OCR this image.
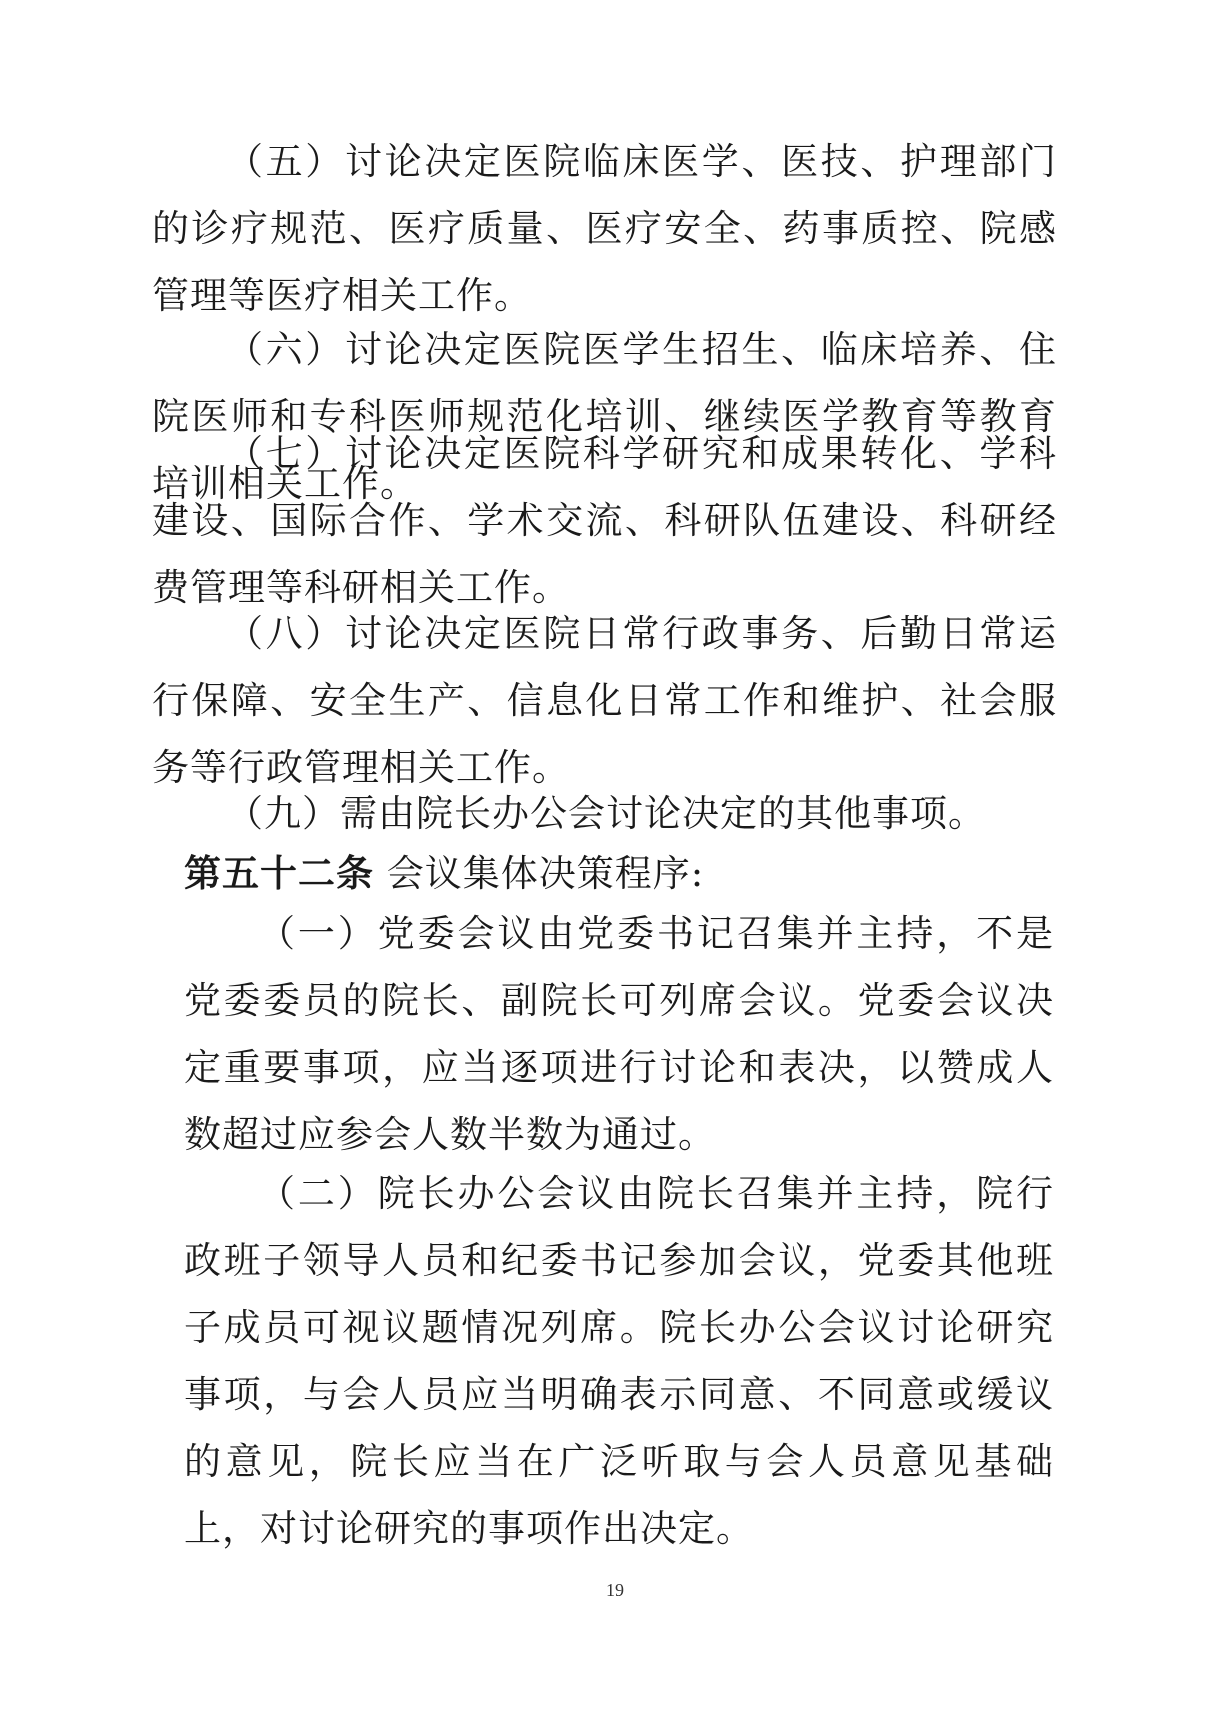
（五）讨论决定医院临床医学、医技、护理部门的诊疗规范、医疗质量、医疗安全、药事质控、院感管理等医疗相关工作。

（六）讨论决定医院医学生招生、临床培养、住院医师和专科医师规范化培训、继续医学教育等教育培训相关工作。

（七）讨论决定医院科学研究和成果转化、学科建设、国际合作、学术交流、科研队伍建设、科研经费管理等科研相关工作。

（八）讨论决定医院日常行政事务、后勤日常运行保障、安全生产、信息化日常工作和维护、社会服务等行政管理相关工作。

（九）需由院长办公会讨论决定的其他事项。

第五十二条 会议集体决策程序:

（一）党委会议由党委书记召集并主持，不是党委委员的院长、副院长可列席会议。党委会议决定重要事项，应当逐项进行讨论和表决，以赞成人数超过应参会人数半数为通过。

（二）院长办公会议由院长召集并主持，院行政班子领导人员和纪委书记参加会议，党委其他班子成员可视议题情况列席。院长办公会议讨论研究事项，与会人员应当明确表示同意、不同意或缓议的意见，院长应当在广泛听取与会人员意见基础上，对讨论研究的事项作出决定。

19
